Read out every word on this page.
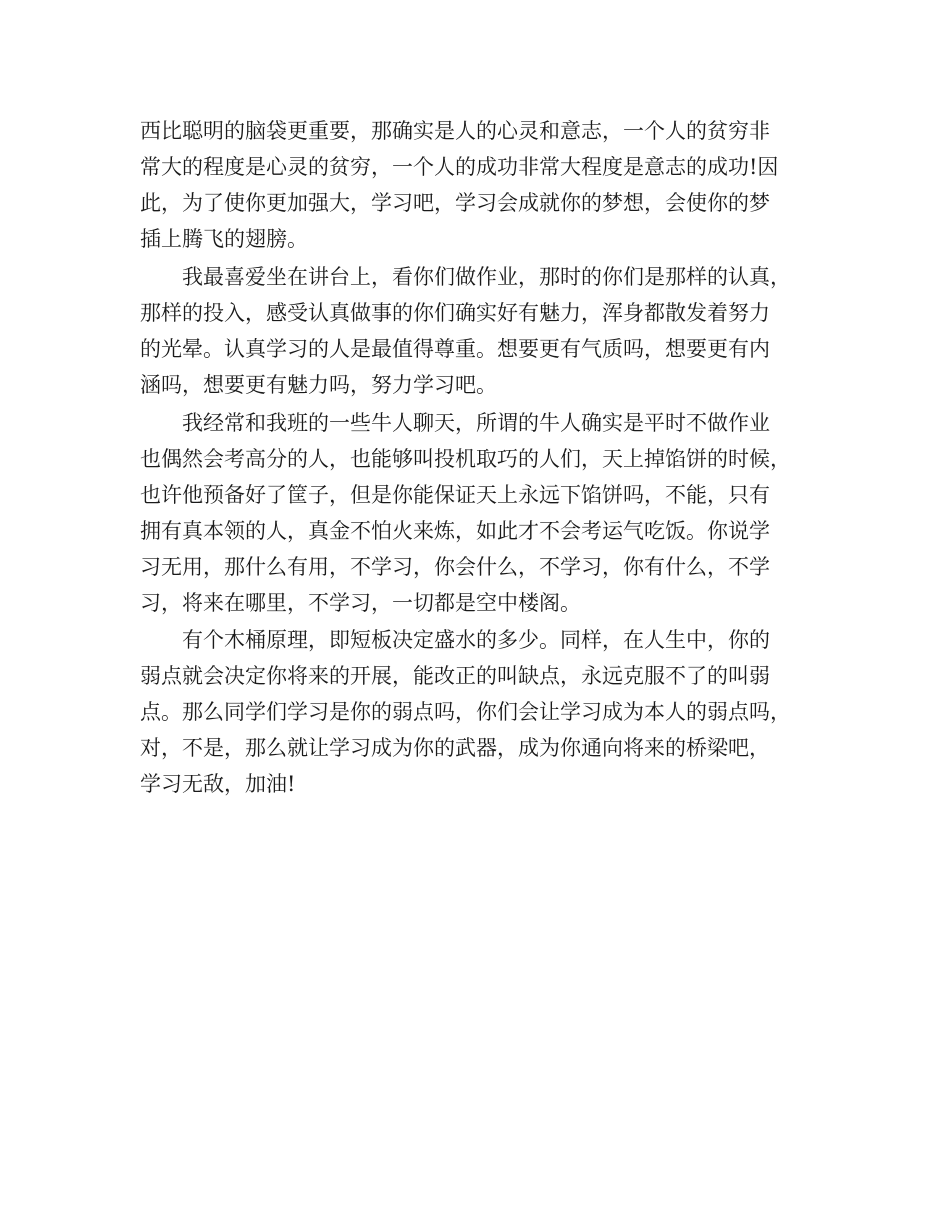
西比聪明的脑袋更重要，那确实是人的心灵和意志，一个人的贫穷非
常大的程度是心灵的贫穷，一个人的成功非常大程度是意志的成功!因
此，为了使你更加强大，学习吧，学习会成就你的梦想，会使你的梦
插上腾飞的翅膀。
我最喜爱坐在讲台上，看你们做作业，那时的你们是那样的认真，
那样的投入，感受认真做事的你们确实好有魅力，浑身都散发着努力
的光晕。认真学习的人是最值得尊重。想要更有气质吗，想要更有内
涵吗，想要更有魅力吗，努力学习吧。
我经常和我班的一些牛人聊天，所谓的牛人确实是平时不做作业
也偶然会考高分的人，也能够叫投机取巧的人们，天上掉馅饼的时候，
也许他预备好了筐子，但是你能保证天上永远下馅饼吗，不能，只有
拥有真本领的人，真金不怕火来炼，如此才不会考运气吃饭。你说学
习无用，那什么有用，不学习，你会什么，不学习，你有什么，不学
习，将来在哪里，不学习，一切都是空中楼阁。
有个木桶原理，即短板决定盛水的多少。同样，在人生中，你的
弱点就会决定你将来的开展，能改正的叫缺点，永远克服不了的叫弱
点。那么同学们学习是你的弱点吗，你们会让学习成为本人的弱点吗，
对，不是，那么就让学习成为你的武器，成为你通向将来的桥梁吧，
学习无敌，加油!
